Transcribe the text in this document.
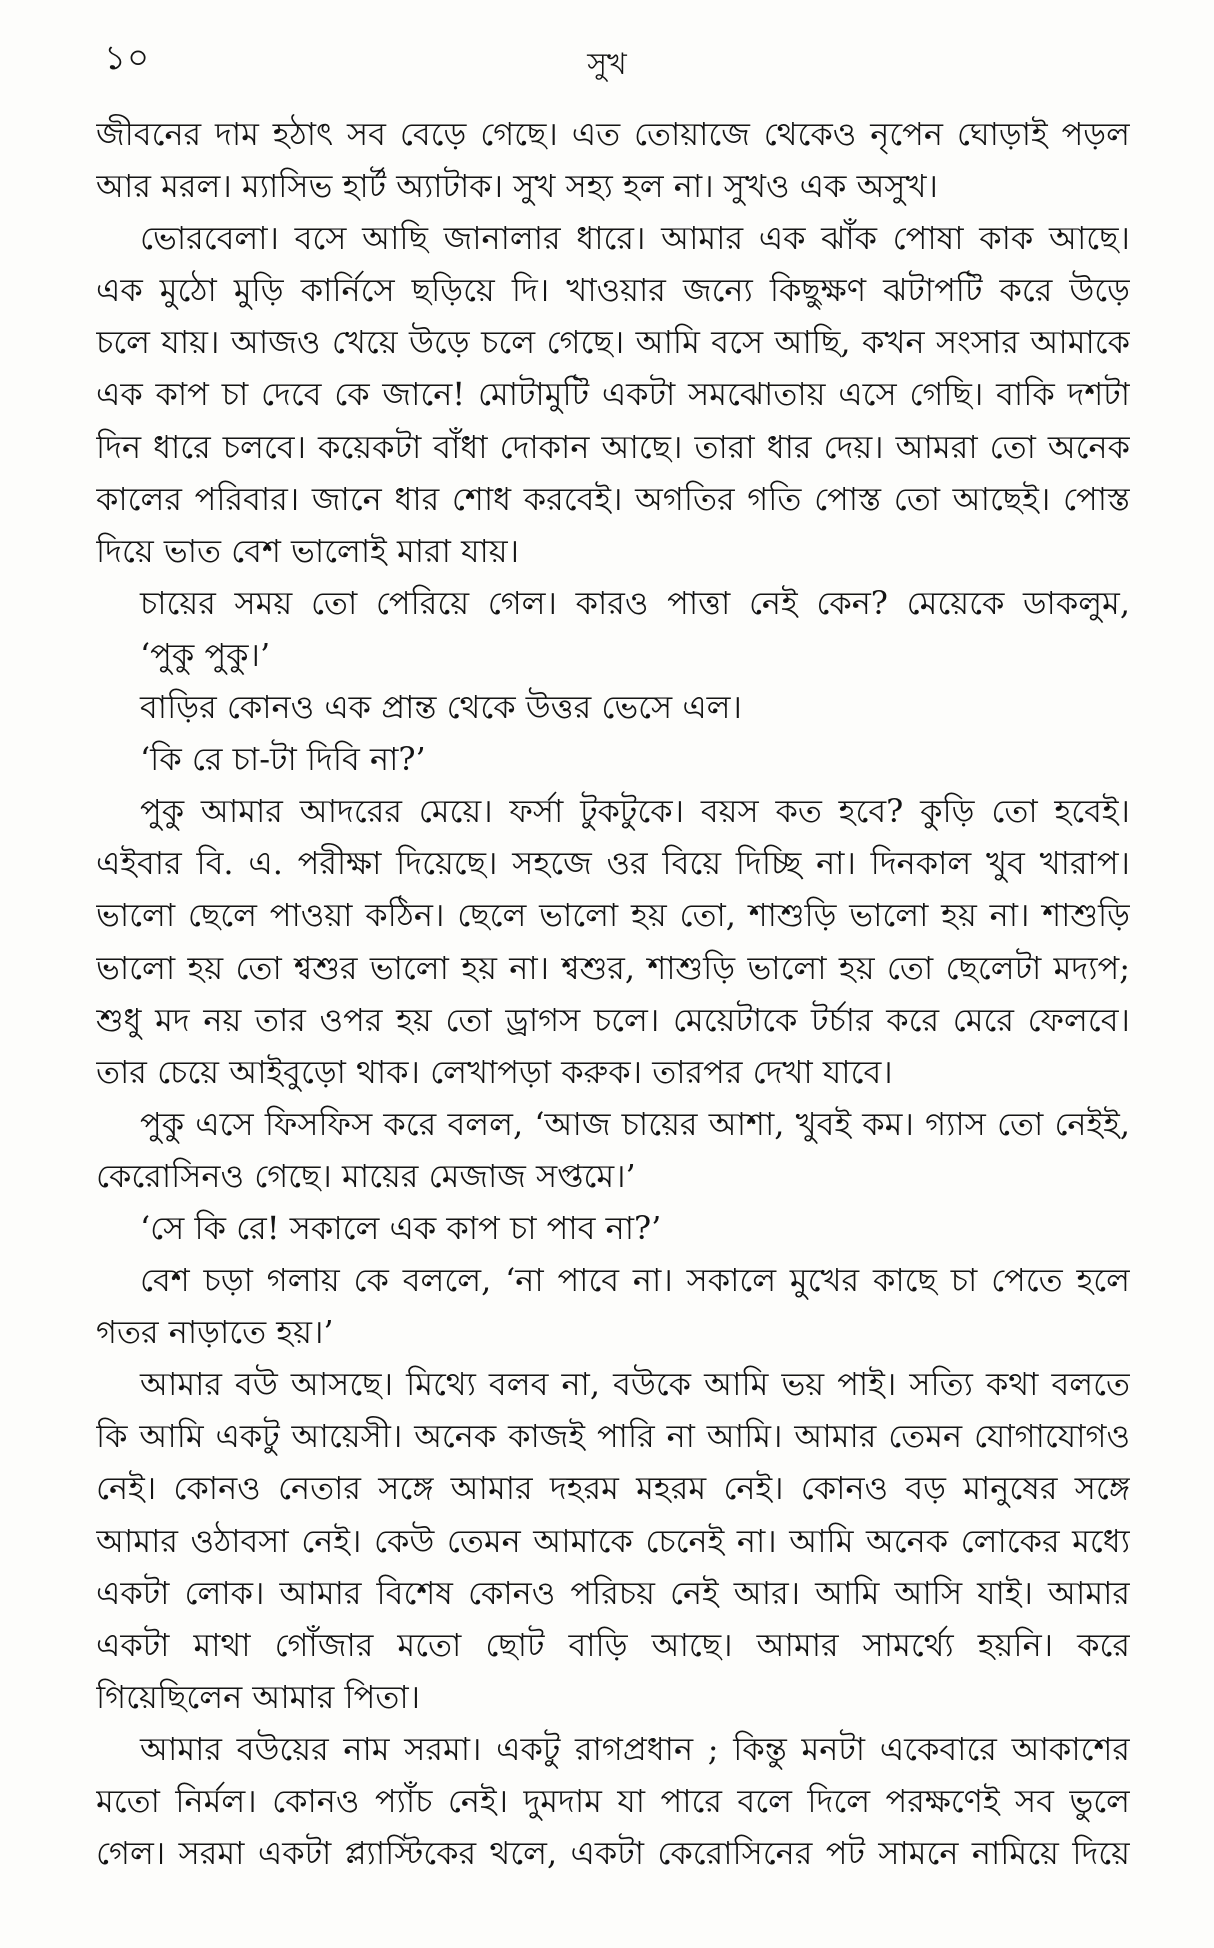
১০	সুখ
জীবনের দাম হঠাৎ সব বেড়ে গেছে। এত তোয়াজে থেকেও নৃপেন ঘোড়াই পড়ল
আর মরল। ম্যাসিভ হার্ট অ্যাটাক। সুখ সহ্য হল না। সুখও এক অসুখ।
ভোরবেলা। বসে আছি জানালার ধারে। আমার এক ঝাঁক পোষা কাক আছে।
এক মুঠো মুড়ি কার্নিসে ছড়িয়ে দি। খাওয়ার জন্যে কিছুক্ষণ ঝটাপটি করে উড়ে
চলে যায়। আজও খেয়ে উড়ে চলে গেছে। আমি বসে আছি, কখন সংসার আমাকে
এক কাপ চা দেবে কে জানে! মোটামুটি একটা সমঝোতায় এসে গেছি। বাকি দশটা
দিন ধারে চলবে। কয়েকটা বাঁধা দোকান আছে। তারা ধার দেয়। আমরা তো অনেক
কালের পরিবার। জানে ধার শোধ করবেই। অগতির গতি পোস্ত তো আছেই। পোস্ত
দিয়ে ভাত বেশ ভালোই মারা যায়।
চায়ের সময় তো পেরিয়ে গেল। কারও পাত্তা নেই কেন? মেয়েকে ডাকলুম,
‘পুকু পুকু।’
বাড়ির কোনও এক প্রান্ত থেকে উত্তর ভেসে এল।
‘কি রে চা-টা দিবি না?’
পুকু আমার আদরের মেয়ে। ফর্সা টুকটুকে। বয়স কত হবে? কুড়ি তো হবেই।
এইবার বি. এ. পরীক্ষা দিয়েছে। সহজে ওর বিয়ে দিচ্ছি না। দিনকাল খুব খারাপ।
ভালো ছেলে পাওয়া কঠিন। ছেলে ভালো হয় তো, শাশুড়ি ভালো হয় না। শাশুড়ি
ভালো হয় তো শ্বশুর ভালো হয় না। শ্বশুর, শাশুড়ি ভালো হয় তো ছেলেটা মদ্যপ;
শুধু মদ নয় তার ওপর হয় তো ড্রাগস চলে। মেয়েটাকে টর্চার করে মেরে ফেলবে।
তার চেয়ে আইবুড়ো থাক। লেখাপড়া করুক। তারপর দেখা যাবে।
পুকু এসে ফিসফিস করে বলল, ‘আজ চায়ের আশা, খুবই কম। গ্যাস তো নেইই,
কেরোসিনও গেছে। মায়ের মেজাজ সপ্তমে।’
‘সে কি রে! সকালে এক কাপ চা পাব না?’
বেশ চড়া গলায় কে বললে, ‘না পাবে না। সকালে মুখের কাছে চা পেতে হলে
গতর নাড়াতে হয়।’
আমার বউ আসছে। মিথ্যে বলব না, বউকে আমি ভয় পাই। সত্যি কথা বলতে
কি আমি একটু আয়েসী। অনেক কাজই পারি না আমি। আমার তেমন যোগাযোগও
নেই। কোনও নেতার সঙ্গে আমার দহরম মহরম নেই। কোনও বড় মানুষের সঙ্গে
আমার ওঠাবসা নেই। কেউ তেমন আমাকে চেনেই না। আমি অনেক লোকের মধ্যে
একটা লোক। আমার বিশেষ কোনও পরিচয় নেই আর। আমি আসি যাই। আমার
একটা মাথা গোঁজার মতো ছোট বাড়ি আছে। আমার সামর্থ্যে হয়নি। করে
গিয়েছিলেন আমার পিতা।
আমার বউয়ের নাম সরমা। একটু রাগপ্রধান ; কিন্তু মনটা একেবারে আকাশের
মতো নির্মল। কোনও প্যাঁচ নেই। দুমদাম যা পারে বলে দিলে পরক্ষণেই সব ভুলে
গেল। সরমা একটা প্ল্যাস্টিকের থলে, একটা কেরোসিনের পট সামনে নামিয়ে দিয়ে
